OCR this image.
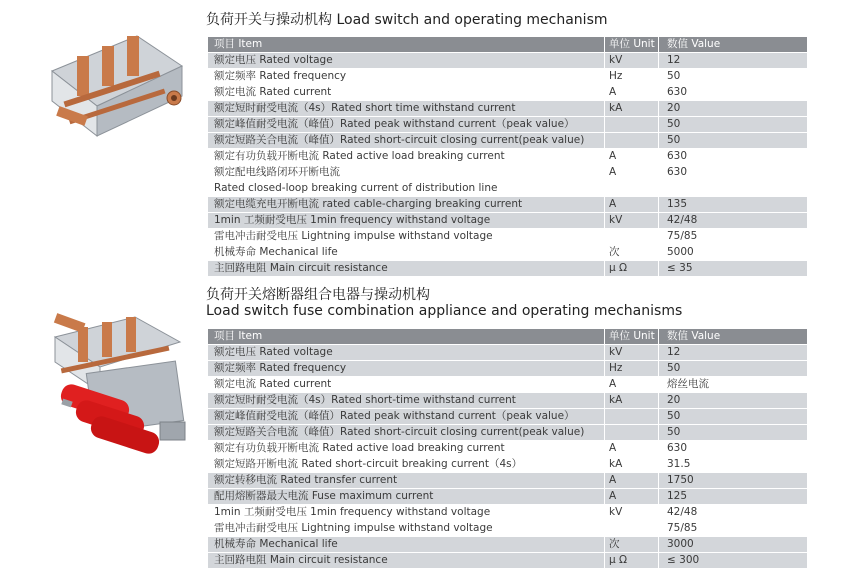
负荷开关与操动机构 Load switch and operating mechanism
项目 Item	单位 Unit	数值 Value
额定电压 Rated voltage	kV	12
额定频率 Rated frequency	Hz	50
额定电流 Rated current	A	630
额定短时耐受电流（4s）Rated short time withstand current	kA	20
额定峰值耐受电流（峰值）Rated peak withstand current（peak value）		50
额定短路关合电流（峰值）Rated short-circuit closing current(peak value)		50
额定有功负载开断电流 Rated active load breaking current	A	630
额定配电线路闭环开断电流	A	630
Rated closed-loop breaking current of distribution line		
额定电缆充电开断电流 rated cable-charging breaking current	A	135
1min 工频耐受电压 1min frequency withstand voltage	kV	42/48
雷电冲击耐受电压 Lightning impulse withstand voltage		75/85
机械寿命 Mechanical life	次	5000
主回路电阻 Main circuit resistance	μ Ω	≤ 35
负荷开关熔断器组合电器与操动机构
Load switch fuse combination appliance and operating mechanisms
项目 Item	单位 Unit	数值 Value
额定电压 Rated voltage	kV	12
额定频率 Rated frequency	Hz	50
额定电流 Rated current	A	熔丝电流
额定短时耐受电流（4s）Rated short-time withstand current	kA	20
额定峰值耐受电流（峰值）Rated peak withstand current（peak value）		50
额定短路关合电流（峰值）Rated short-circuit closing current(peak value)		50
额定有功负载开断电流 Rated active load breaking current	A	630
额定短路开断电流 Rated short-circuit breaking current（4s）	kA	31.5
额定转移电流 Rated transfer current	A	1750
配用熔断器最大电流 Fuse maximum current	A	125
1min 工频耐受电压 1min frequency withstand voltage	kV	42/48
雷电冲击耐受电压 Lightning impulse withstand voltage		75/85
机械寿命 Mechanical life	次	3000
主回路电阻 Main circuit resistance	μ Ω	≤ 300
